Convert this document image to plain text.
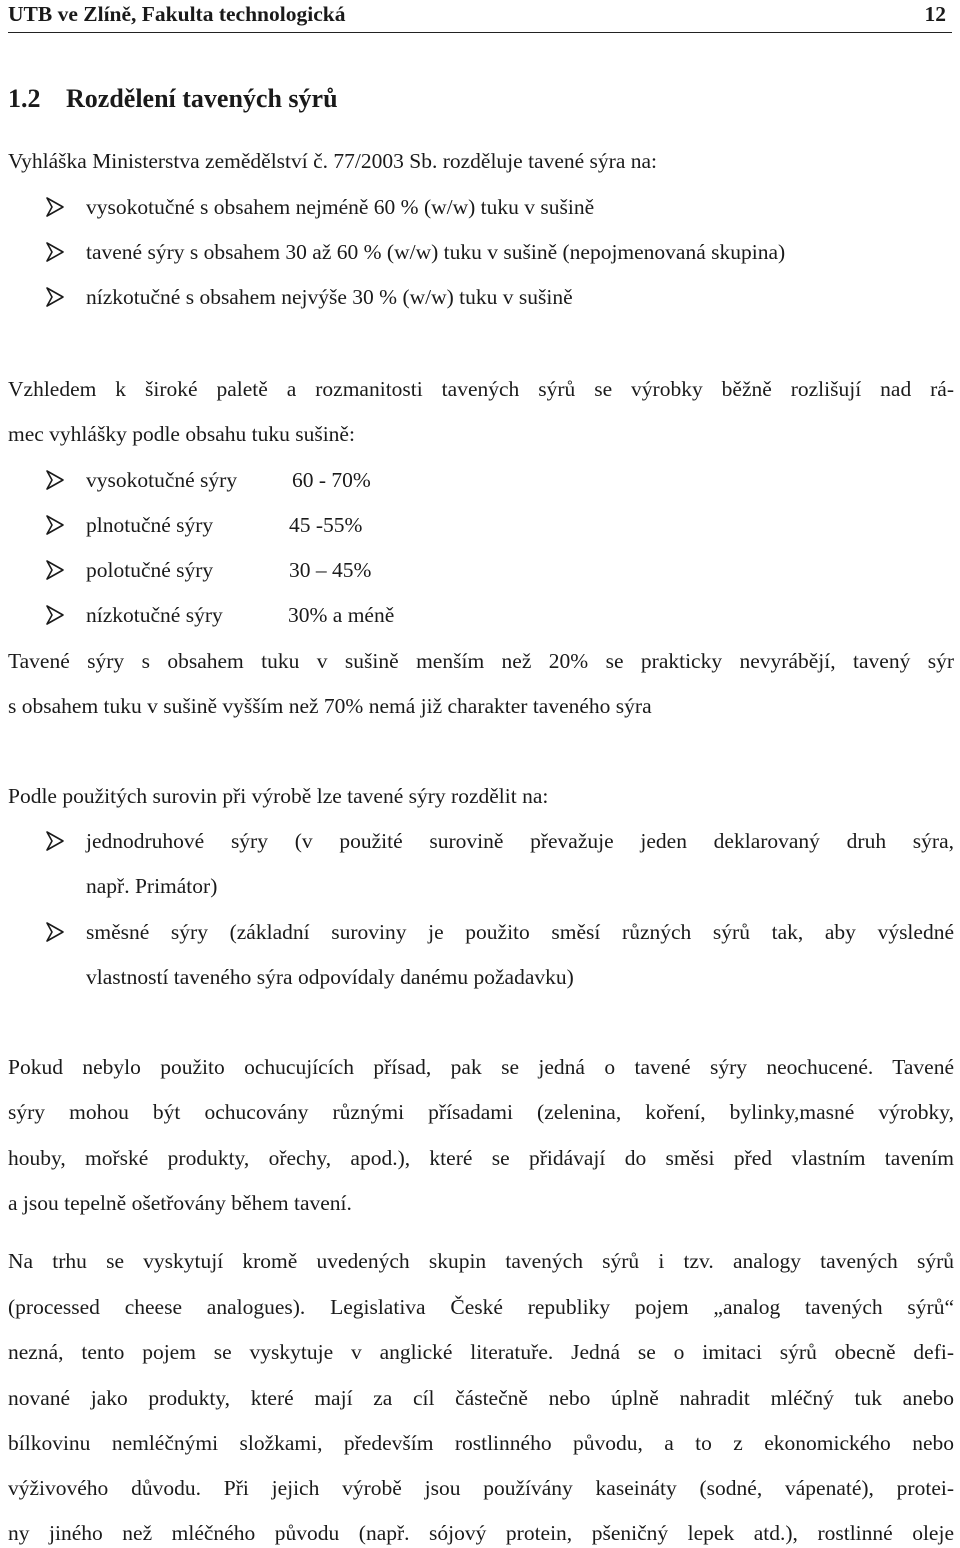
UTB ve Zlíně, Fakulta technologická	12
1.2 Rozdělení tavených sýrů
Vyhláška Ministerstva zemědělství č. 77/2003 Sb. rozděluje tavené sýra na:
vysokotučné s obsahem nejméně 60 % (w/w) tuku v sušině
tavené sýry s obsahem 30 až 60 % (w/w) tuku v sušině (nepojmenovaná skupina)
nízkotučné s obsahem nejvýše 30 % (w/w) tuku v sušině
Vzhledem k široké paletě a rozmanitosti tavených sýrů se výrobky běžně rozlišují nad rá-
mec vyhlášky podle obsahu tuku sušině:
vysokotučné sýry	60 - 70%
plnotučné sýry	45 -55%
polotučné sýry	30 – 45%
nízkotučné sýry	30% a méně
Tavené sýry s obsahem tuku v sušině menším než 20% se prakticky nevyrábějí, tavený sýr
s obsahem tuku v sušině vyšším než 70% nemá již charakter taveného sýra
Podle použitých surovin při výrobě lze tavené sýry rozdělit na:
jednodruhové sýry (v použité surovině převažuje jeden deklarovaný druh sýra,
např. Primátor)
směsné sýry (základní suroviny je použito směsí různých sýrů tak, aby výsledné
vlastností taveného sýra odpovídaly danému požadavku)
Pokud nebylo použito ochucujících přísad, pak se jedná o tavené sýry neochucené. Tavené
sýry mohou být ochucovány různými přísadami (zelenina, koření, bylinky,masné výrobky,
houby, mořské produkty, ořechy, apod.), které se přidávají do směsi před vlastním tavením
a jsou tepelně ošetřovány během tavení.
Na trhu se vyskytují kromě uvedených skupin tavených sýrů i tzv. analogy tavených sýrů
(processed cheese analogues). Legislativa České republiky pojem „analog tavených sýrů“
nezná, tento pojem se vyskytuje v anglické literatuře. Jedná se o imitaci sýrů obecně defi-
nované jako produkty, které mají za cíl částečně nebo úplně nahradit mléčný tuk anebo
bílkovinu nemléčnými složkami, především rostlinného původu, a to z ekonomického nebo
výživového důvodu. Při jejich výrobě jsou používány kaseináty (sodné, vápenaté), protei-
ny jiného než mléčného původu (např. sójový protein, pšeničný lepek atd.), rostlinné oleje
